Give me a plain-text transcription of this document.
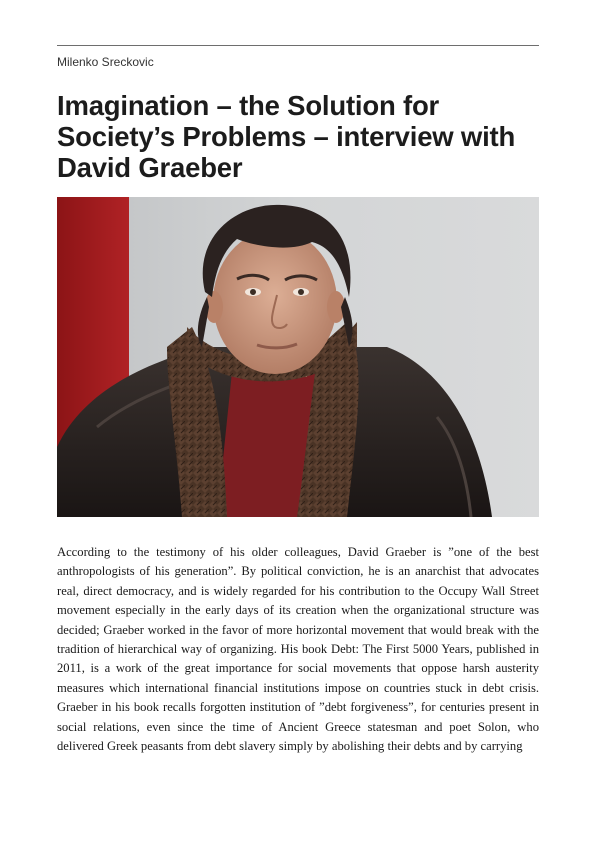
Milenko Sreckovic
Imagination – the Solution for Society’s Problems – interview with David Graeber

According to the testimony of his older colleagues, David Graeber is ”one of the best anthropologists of his generation”. By political conviction, he is an anarchist that advocates real, direct democracy, and is widely regarded for his contribution to the Occupy Wall Street movement especially in the early days of its creation when the organizational structure was decided; Graeber worked in the favor of more horizontal movement that would break with the tradition of hierarchical way of organizing. His book Debt: The First 5000 Years, published in 2011, is a work of the great importance for social movements that oppose harsh austerity measures which international financial institutions impose on countries stuck in debt crisis. Graeber in his book recalls forgotten institution of ”debt forgiveness”, for centuries present in social relations, even since the time of Ancient Greece statesman and poet Solon, who delivered Greek peasants from debt slavery simply by abolishing their debts and by carrying
